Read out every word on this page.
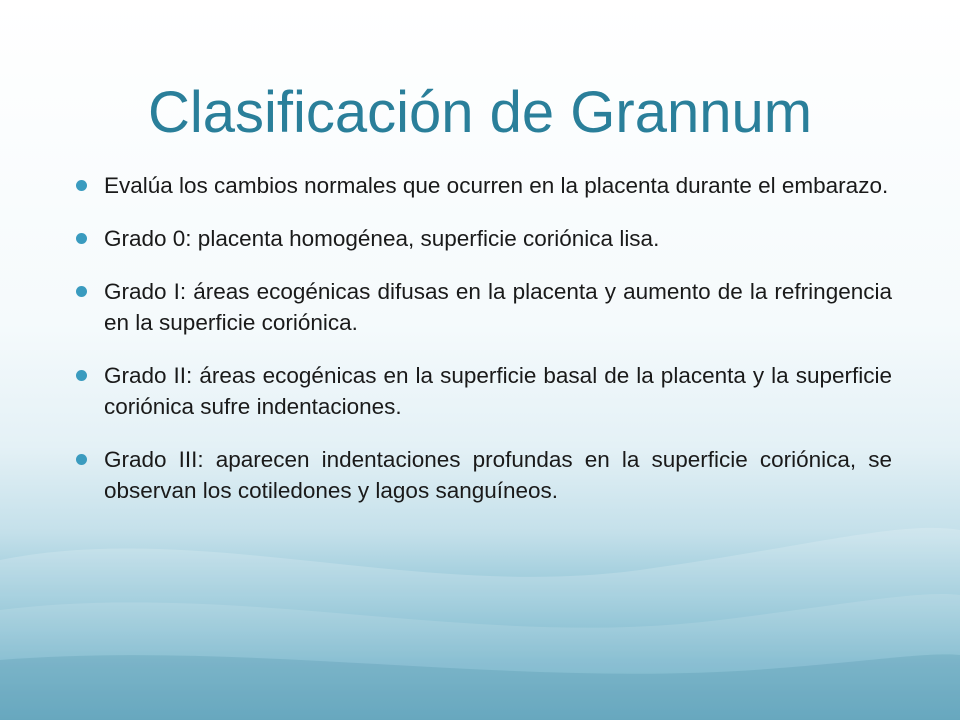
Clasificación de Grannum
Evalúa los cambios normales que ocurren en la placenta durante el embarazo.
Grado 0: placenta homogénea, superficie coriónica lisa.
Grado I: áreas ecogénicas difusas en la placenta y aumento de la refringencia en la superficie coriónica.
Grado II: áreas ecogénicas en la superficie basal de la placenta y la superficie coriónica sufre indentaciones.
Grado III: aparecen indentaciones profundas en la superficie coriónica, se observan los cotiledones y lagos sanguíneos.
